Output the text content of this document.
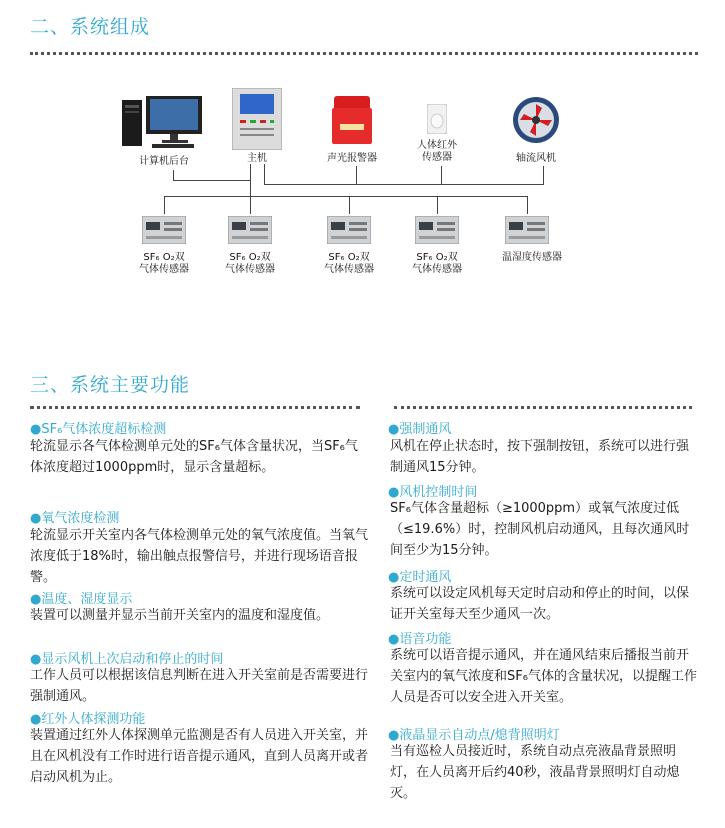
二、系统组成
计算机后台	主机	声光报警器
人体红外
传感器	轴流风机
SF₆ O₂双
气体传感器
SF₆ O₂双
气体传感器
SF₆ O₂双
气体传感器
SF₆ O₂双
气体传感器
温湿度传感器
三、系统主要功能
●SF₆气体浓度超标检测
轮流显示各气体检测单元处的SF₆气体含量状况，当SF₆气体浓度超过1000ppm时，显示含量超标。
●氧气浓度检测
轮流显示开关室内各气体检测单元处的氧气浓度值。当氧气浓度低于18%时，输出触点报警信号，并进行现场语音报警。
●温度、湿度显示
装置可以测量并显示当前开关室内的温度和湿度值。
●显示风机上次启动和停止的时间
工作人员可以根据该信息判断在进入开关室前是否需要进行强制通风。
●红外人体探测功能
装置通过红外人体探测单元监测是否有人员进入开关室，并且在风机没有工作时进行语音提示通风，直到人员离开或者启动风机为止。
●强制通风
风机在停止状态时，按下强制按钮，系统可以进行强制通风15分钟。
●风机控制时间
SF₆气体含量超标（≥1000ppm）或氧气浓度过低（≤19.6%）时，控制风机启动通风，且每次通风时间至少为15分钟。
●定时通风
系统可以设定风机每天定时启动和停止的时间，以保证开关室每天至少通风一次。
●语音功能
系统可以语音提示通风，并在通风结束后播报当前开关室内的氧气浓度和SF₆气体的含量状况，以提醒工作人员是否可以安全进入开关室。
●液晶显示自动点/熄背照明灯
当有巡检人员接近时，系统自动点亮液晶背景照明灯，在人员离开后约40秒，液晶背景照明灯自动熄灭。
